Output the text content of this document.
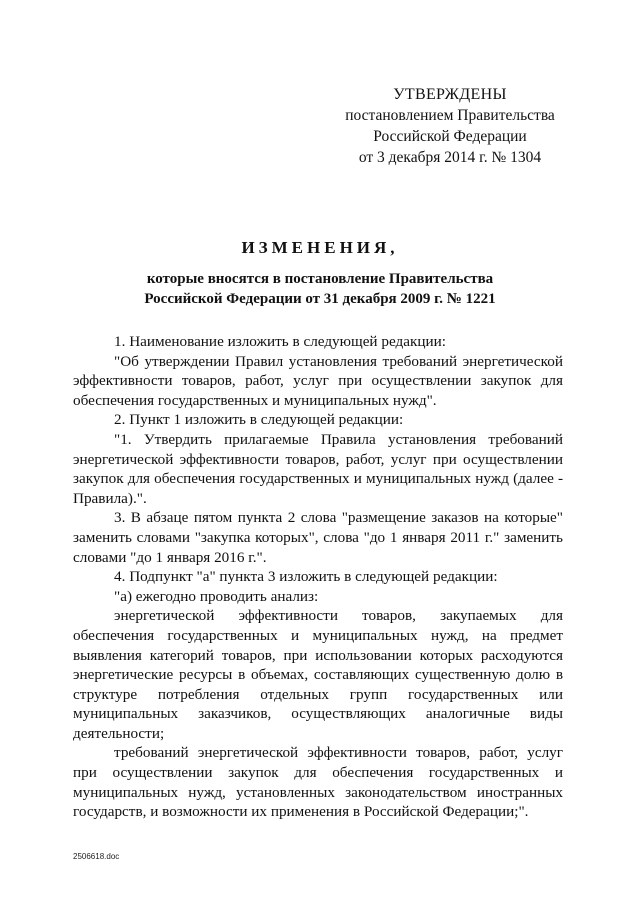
УТВЕРЖДЕНЫ
постановлением Правительства
Российской Федерации
от 3 декабря 2014 г. № 1304
ИЗМЕНЕНИЯ,
которые вносятся в постановление Правительства
Российской Федерации от 31 декабря 2009 г. № 1221

1. Наименование изложить в следующей редакции:

"Об утверждении Правил установления требований энергетической эффективности товаров, работ, услуг при осуществлении закупок для обеспечения государственных и муниципальных нужд".

2. Пункт 1 изложить в следующей редакции:

"1. Утвердить прилагаемые Правила установления требований энергетической эффективности товаров, работ, услуг при осуществлении закупок для обеспечения государственных и муниципальных нужд (далее - Правила).".

3. В абзаце пятом пункта 2 слова "размещение заказов на которые" заменить словами "закупка которых", слова "до 1 января 2011 г." заменить словами "до 1 января 2016 г.".

4. Подпункт "а" пункта 3 изложить в следующей редакции:

"а) ежегодно проводить анализ:

энергетической эффективности товаров, закупаемых для обеспечения государственных и муниципальных нужд, на предмет выявления категорий товаров, при использовании которых расходуются энергетические ресурсы в объемах, составляющих существенную долю в структуре потребления отдельных групп государственных или муниципальных заказчиков, осуществляющих аналогичные виды деятельности;

требований энергетической эффективности товаров, работ, услуг при осуществлении закупок для обеспечения государственных и муниципальных нужд, установленных законодательством иностранных государств, и возможности их применения в Российской Федерации;".

2506618.doc
